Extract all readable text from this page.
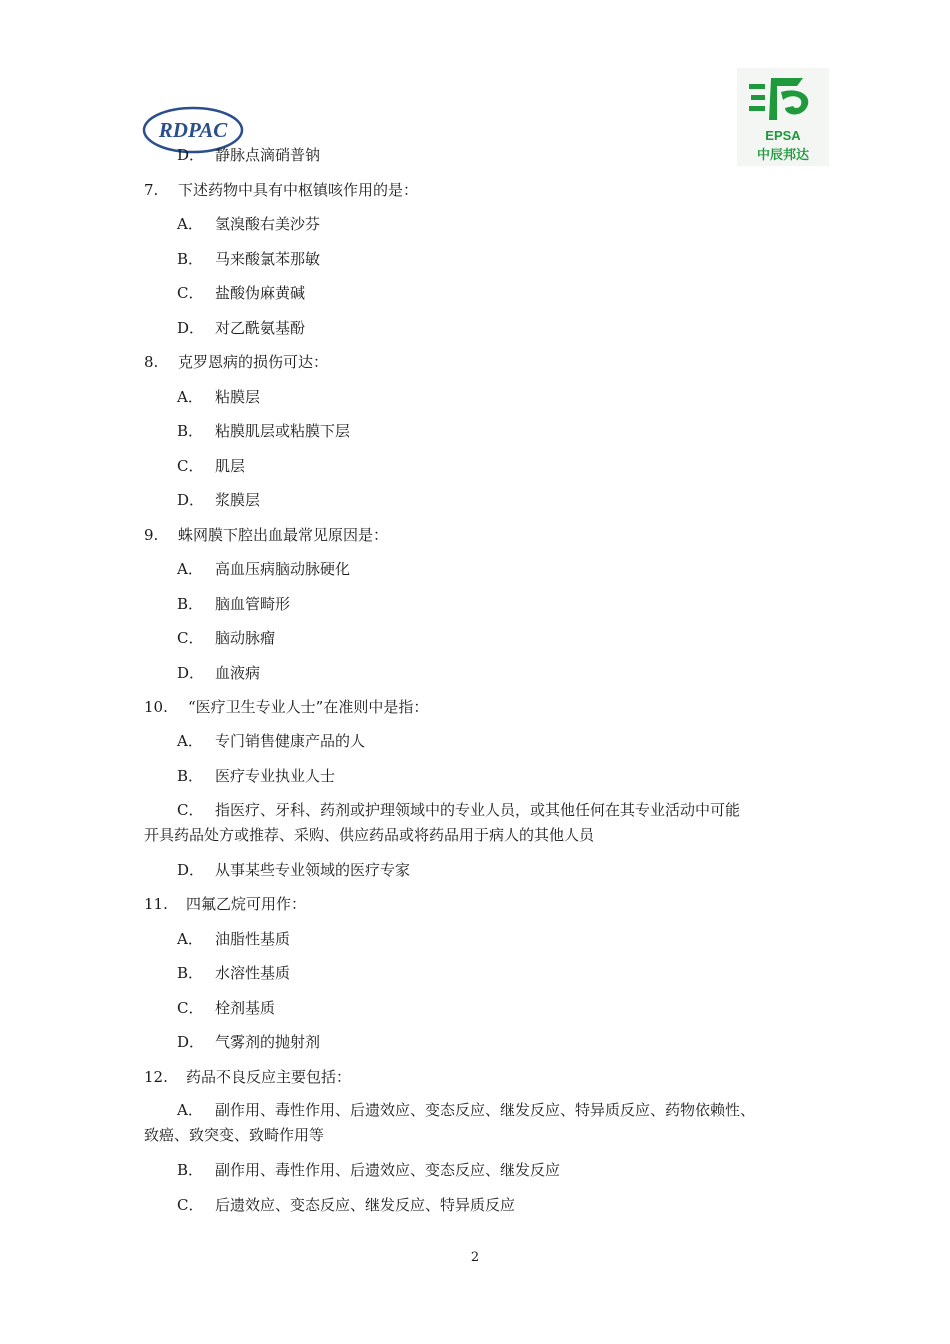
RDPAC	EPSA
中辰邦达
D． 静脉点滴硝普钠
7. 下述药物中具有中枢镇咳作用的是：
A． 氢溴酸右美沙芬
B． 马来酸氯苯那敏
C． 盐酸伪麻黄碱
D． 对乙酰氨基酚
8. 克罗恩病的损伤可达：
A． 粘膜层
B． 粘膜肌层或粘膜下层
C． 肌层
D． 浆膜层
9. 蛛网膜下腔出血最常见原因是：
A． 高血压病脑动脉硬化
B． 脑血管畸形
C． 脑动脉瘤
D． 血液病
10. “医疗卫生专业人士”在准则中是指：
A． 专门销售健康产品的人
B． 医疗专业执业人士
C． 指医疗、牙科、药剂或护理领域中的专业人员，或其他任何在其专业活动中可能
开具药品处方或推荐、采购、供应药品或将药品用于病人的其他人员
D． 从事某些专业领域的医疗专家
11. 四氟乙烷可用作：
A． 油脂性基质
B． 水溶性基质
C． 栓剂基质
D． 气雾剂的抛射剂
12. 药品不良反应主要包括：
A． 副作用、毒性作用、后遗效应、变态反应、继发反应、特异质反应、药物依赖性、
致癌、致突变、致畸作用等
B． 副作用、毒性作用、后遗效应、变态反应、继发反应
C． 后遗效应、变态反应、继发反应、特异质反应
2
